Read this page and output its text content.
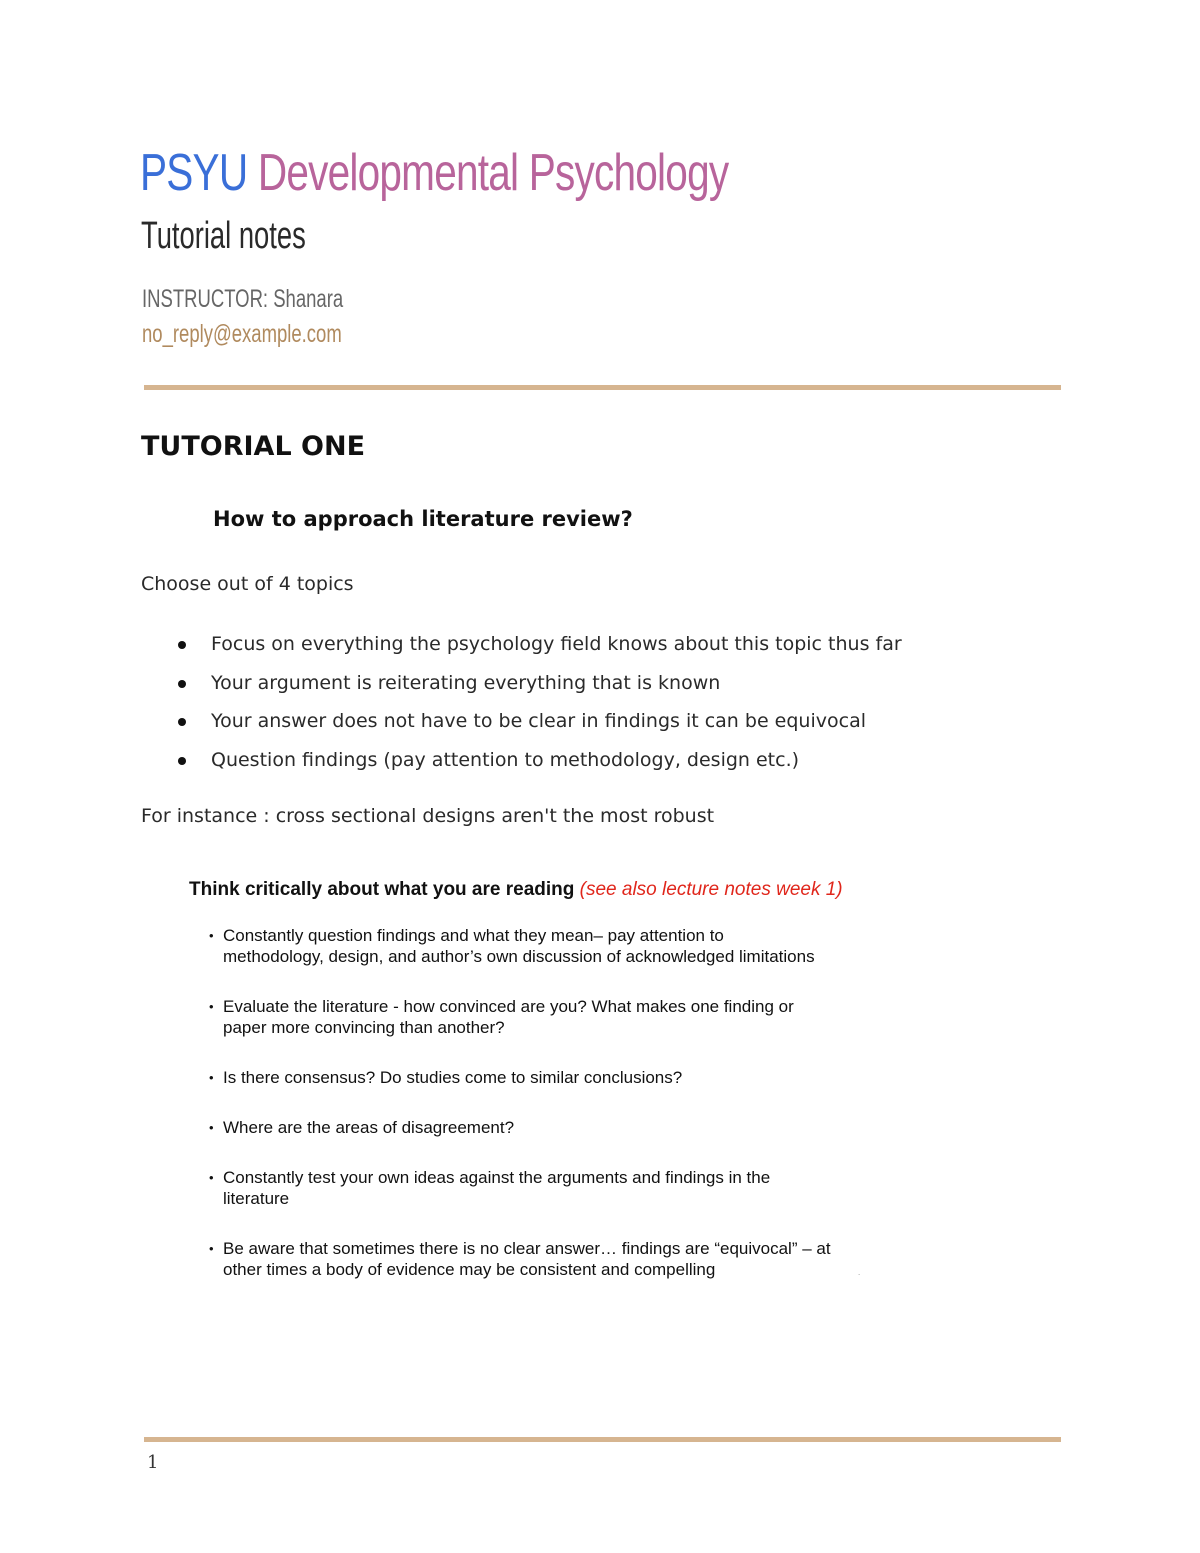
PSYU Developmental Psychology
Tutorial notes
INSTRUCTOR: Shanara
no_reply@example.com
TUTORIAL ONE
How to approach literature review?
Choose out of 4 topics
Focus on everything the psychology field knows about this topic thus far
Your argument is reiterating everything that is known
Your answer does not have to be clear in findings it can be equivocal
Question findings (pay attention to methodology, design etc.)
For instance : cross sectional designs aren't the most robust
Think critically about what you are reading (see also lecture notes week 1)
• Constantly question findings and what they mean– pay attention to
methodology, design, and author’s own discussion of acknowledged limitations
• Evaluate the literature - how convinced are you? What makes one finding or
paper more convincing than another?
• Is there consensus? Do studies come to similar conclusions?
• Where are the areas of disagreement?
• Constantly test your own ideas against the arguments and findings in the
literature
• Be aware that sometimes there is no clear answer… findings are “equivocal” – at
other times a body of evidence may be consistent and compelling	·
1
